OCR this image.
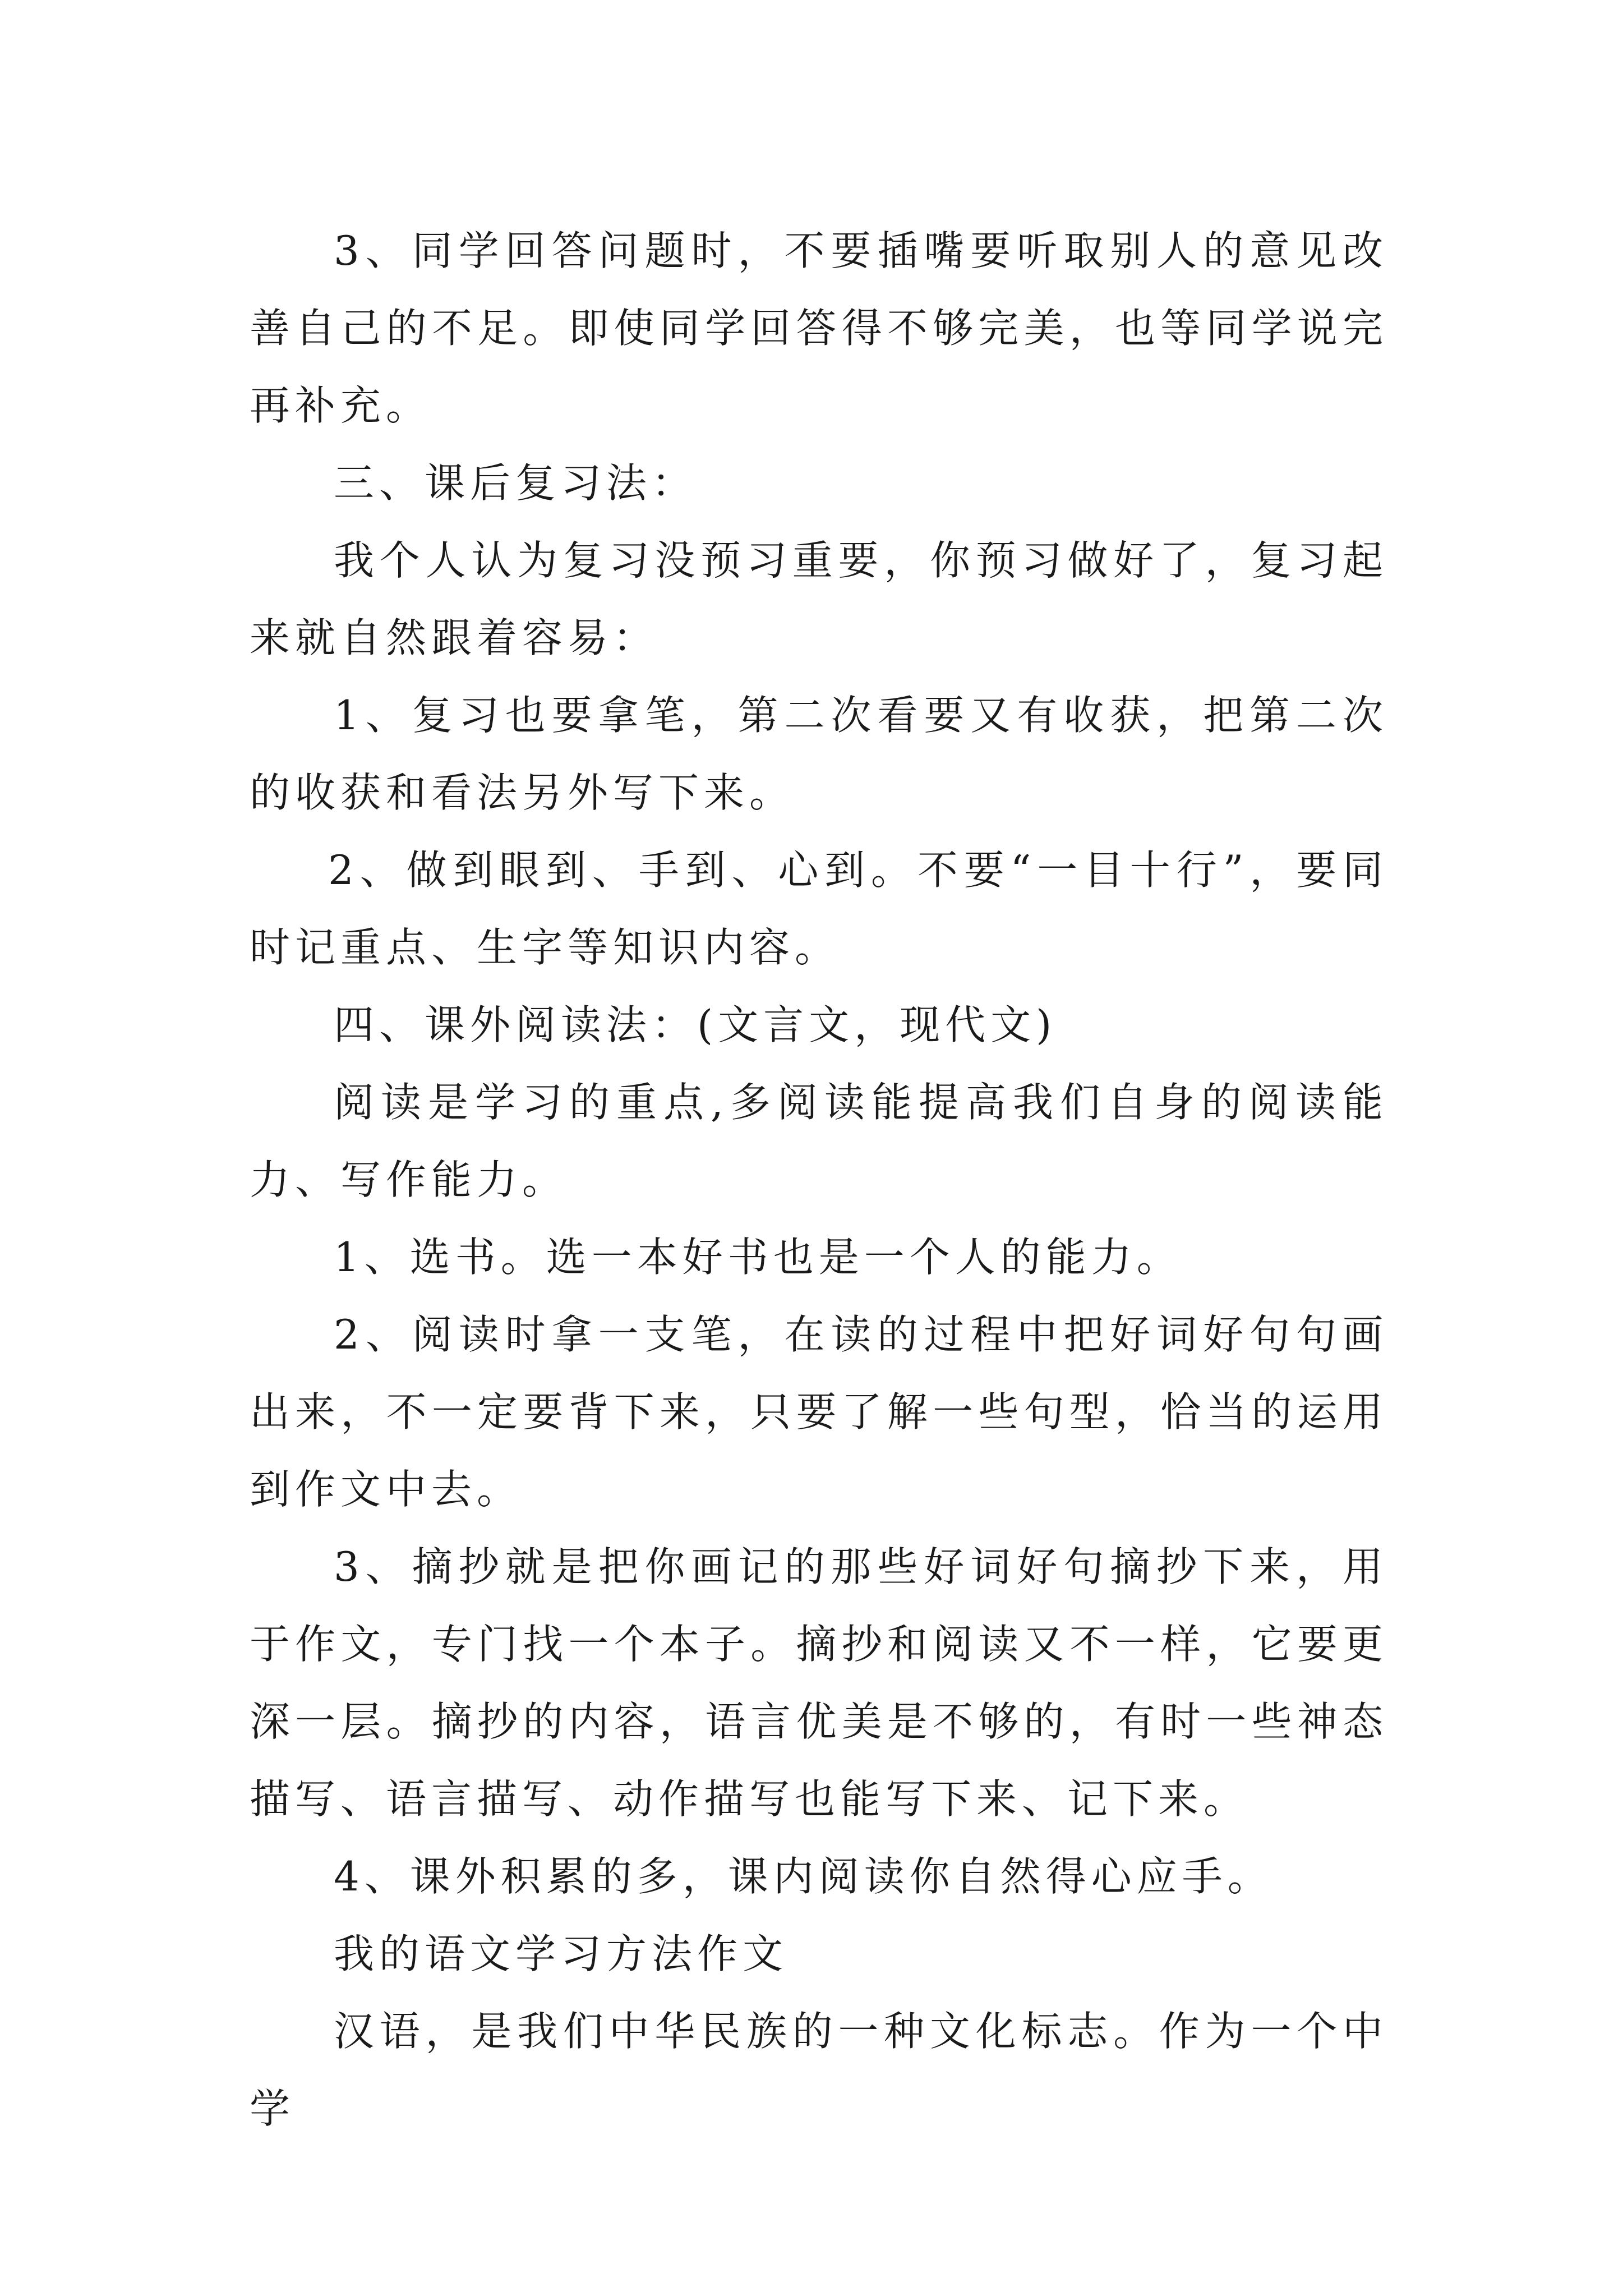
3、同学回答问题时，不要插嘴要听取别人的意见改善自己的不足。即使同学回答得不够完美，也等同学说完再补充。

三、课后复习法：

我个人认为复习没预习重要，你预习做好了，复习起来就自然跟着容易：

1、复习也要拿笔，第二次看要又有收获，把第二次的收获和看法另外写下来。

2、做到眼到、手到、心到。不要“一目十行”，要同时记重点、生字等知识内容。

四、课外阅读法：(文言文，现代文)

阅读是学习的重点,多阅读能提高我们自身的阅读能力、写作能力。

1、选书。选一本好书也是一个人的能力。

2、阅读时拿一支笔，在读的过程中把好词好句句画出来，不一定要背下来，只要了解一些句型，恰当的运用到作文中去。

3、摘抄就是把你画记的那些好词好句摘抄下来，用于作文，专门找一个本子。摘抄和阅读又不一样，它要更深一层。摘抄的内容，语言优美是不够的，有时一些神态描写、语言描写、动作描写也能写下来、记下来。

4、课外积累的多，课内阅读你自然得心应手。

我的语文学习方法作文

汉语，是我们中华民族的一种文化标志。作为一个中学
